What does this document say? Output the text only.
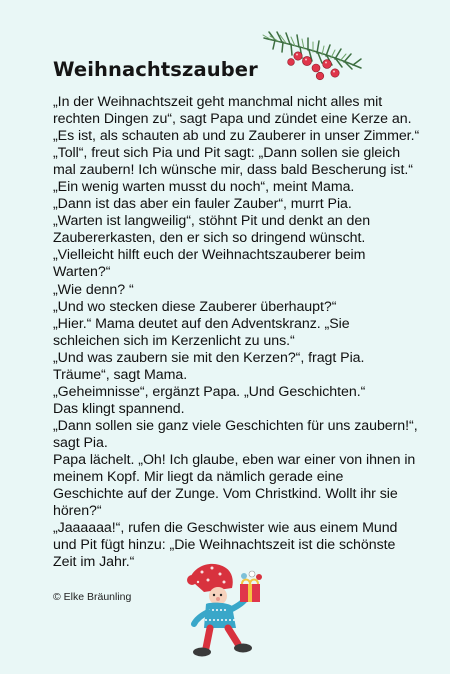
Weihnachtszauber
„In der Weihnachtszeit geht manchmal nicht alles mit
rechten Dingen zu“, sagt Papa und zündet eine Kerze an.
„Es ist, als schauten ab und zu Zauberer in unser Zimmer.“
„Toll“, freut sich Pia und Pit sagt: „Dann sollen sie gleich
mal zaubern! Ich wünsche mir, dass bald Bescherung ist.“
„Ein wenig warten musst du noch“, meint Mama.
„Dann ist das aber ein fauler Zauber“, murrt Pia.
„Warten ist langweilig“, stöhnt Pit und denkt an den
Zaubererkasten, den er sich so dringend wünscht.
„Vielleicht hilft euch der Weihnachtszauberer beim
Warten?“
„Wie denn? “
„Und wo stecken diese Zauberer überhaupt?“
„Hier.“ Mama deutet auf den Adventskranz. „Sie
schleichen sich im Kerzenlicht zu uns.“
„Und was zaubern sie mit den Kerzen?“, fragt Pia.
Träume“, sagt Mama.
„Geheimnisse“, ergänzt Papa. „Und Geschichten.“
Das klingt spannend.
„Dann sollen sie ganz viele Geschichten für uns zaubern!“,
sagt Pia.
Papa lächelt. „Oh! Ich glaube, eben war einer von ihnen in
meinem Kopf. Mir liegt da nämlich gerade eine
Geschichte auf der Zunge. Vom Christkind. Wollt ihr sie
hören?“
„Jaaaaaa!“, rufen die Geschwister wie aus einem Mund
und Pit fügt hinzu: „Die Weihnachtszeit ist die schönste
Zeit im Jahr.“
© Elke Bräunling
